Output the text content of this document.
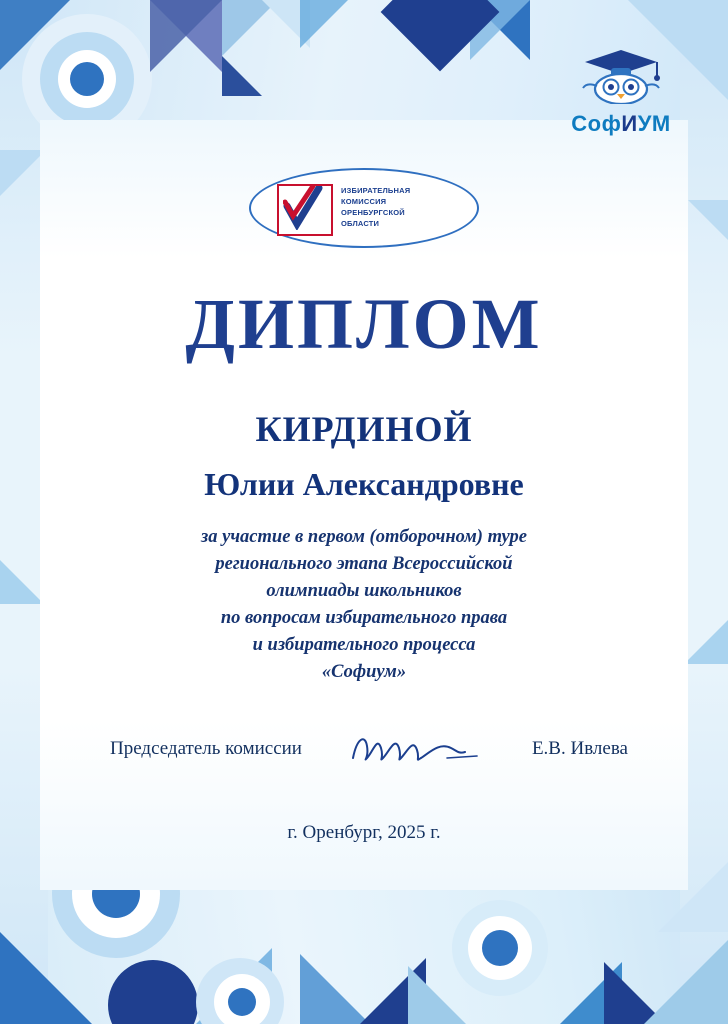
СофИУМ
ИЗБИРАТЕЛЬНАЯ
КОМИССИЯ
ОРЕНБУРГСКОЙ
ОБЛАСТИ
ДИПЛОМ
КИРДИНОЙ
Юлии Александровне
за участие в первом (отборочном) туре
регионального этапа Всероссийской
олимпиады школьников
по вопросам избирательного права
и избирательного процесса
«Софиум»
Председатель комиссии	Е.В. Ивлева
г. Оренбург, 2025 г.
